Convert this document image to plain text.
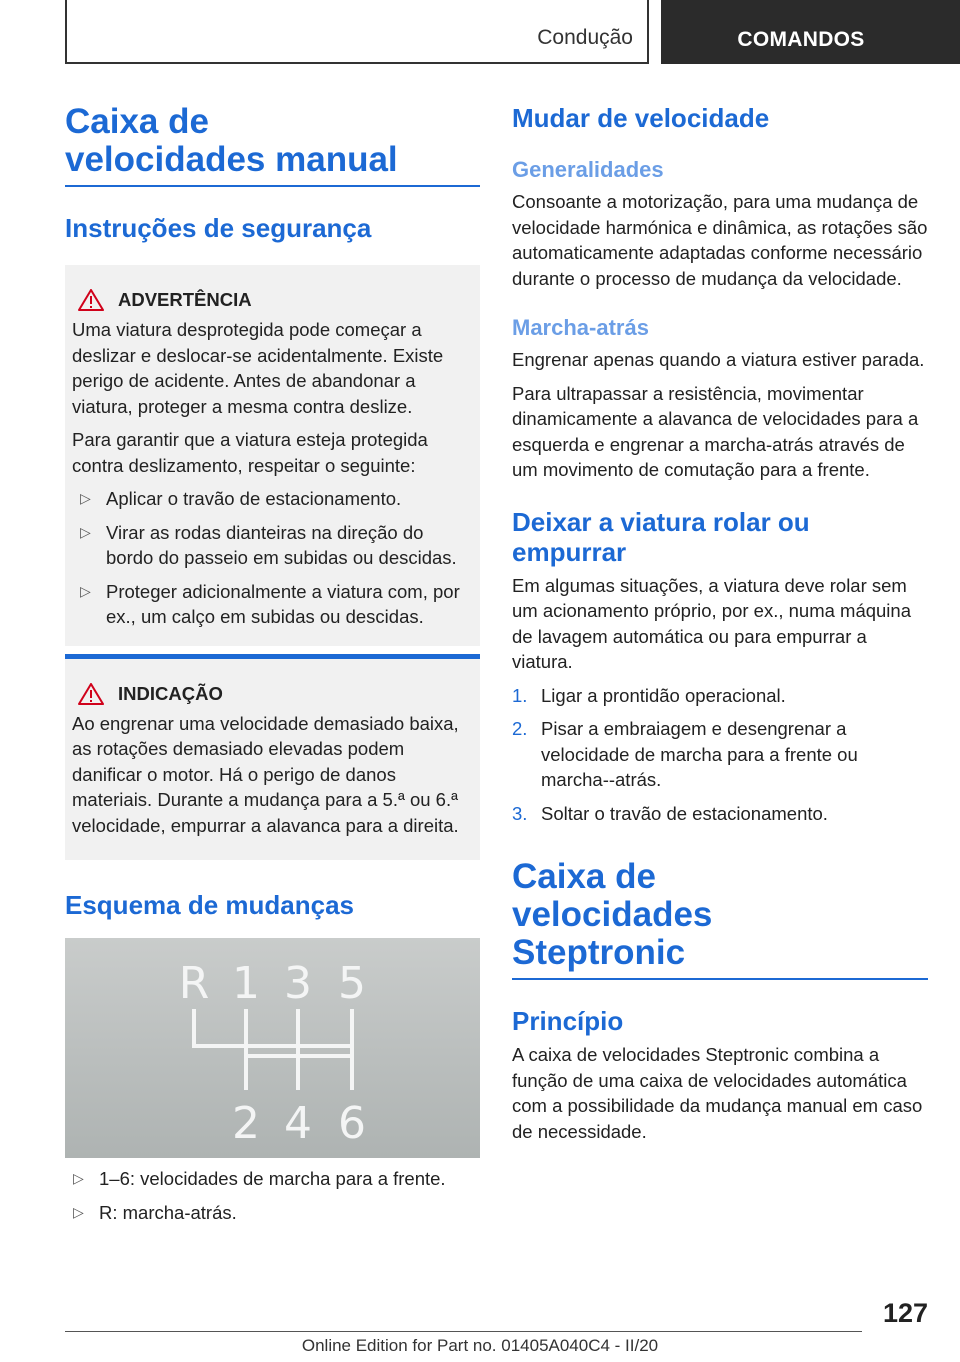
Condução	COMANDOS
Caixa de velocidades manual
Instruções de segurança
ADVERTÊNCIA

Uma viatura desprotegida pode começar a deslizar e deslocar-se acidentalmente. Existe perigo de acidente. Antes de abandonar a viatura, proteger a mesma contra deslize.

Para garantir que a viatura esteja protegida contra deslizamento, respeitar o seguinte:

▷ Aplicar o travão de estacionamento.
▷ Virar as rodas dianteiras na direção do bordo do passeio em subidas ou descidas.
▷ Proteger adicionalmente a viatura com, por ex., um calço em subidas ou descidas.
INDICAÇÃO

Ao engrenar uma velocidade demasiado baixa, as rotações demasiado elevadas podem danificar o motor. Há o perigo de danos materiais. Durante a mudança para a 5.ª ou 6.ª velocidade, empurrar a alavanca para a direita.

Esquema de mudanças
R 1 3 5
2 4 6
▷ 1–6: velocidades de marcha para a frente.
▷ R: marcha-atrás.
Mudar de velocidade
Generalidades

Consoante a motorização, para uma mudança de velocidade harmónica e dinâmica, as rotações são automaticamente adaptadas conforme necessário durante o processo de mudança da velocidade.

Marcha-atrás

Engrenar apenas quando a viatura estiver parada.

Para ultrapassar a resistência, movimentar dinamicamente a alavanca de velocidades para a esquerda e engrenar a marcha-atrás através de um movimento de comutação para a frente.

Deixar a viatura rolar ou empurrar

Em algumas situações, a viatura deve rolar sem um acionamento próprio, por ex., numa máquina de lavagem automática ou para empurrar a viatura.

1. Ligar a prontidão operacional.
2. Pisar a embraiagem e desengrenar a velocidade de marcha para a frente ou marcha--atrás.
3. Soltar o travão de estacionamento.
Caixa de velocidades Steptronic
Princípio

A caixa de velocidades Steptronic combina a função de uma caixa de velocidades automática com a possibilidade da mudança manual em caso de necessidade.

127
Online Edition for Part no. 01405A040C4 - II/20
